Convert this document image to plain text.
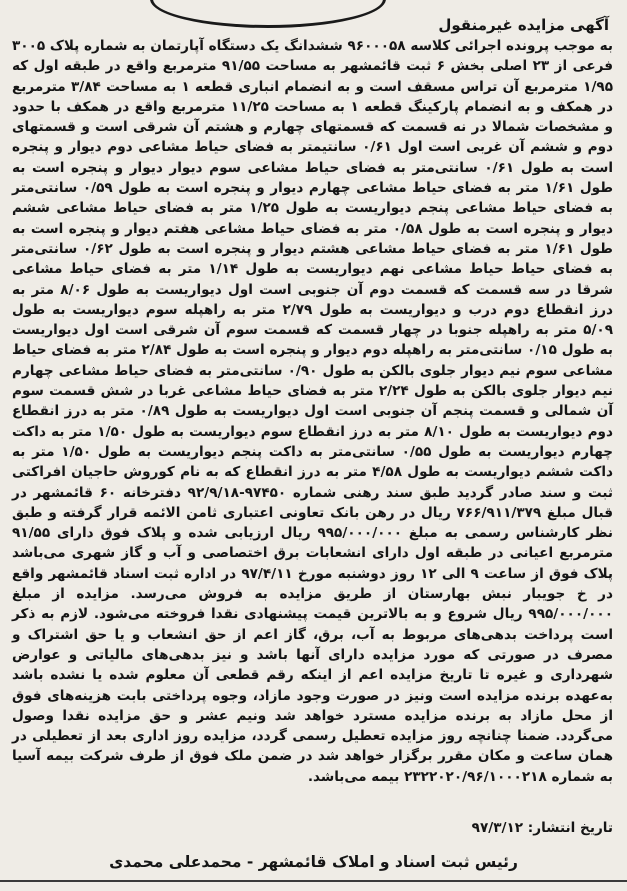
آگهی مزایده غیرمنقول

به موجب پرونده اجرائی کلاسه ۹۶۰۰۰۵۸ ششدانگ یک دستگاه آپارتمان به شماره پلاک ۳۰۰۵ فرعی از ۲۳ اصلی بخش ۶ ثبت قائمشهر به مساحت ۹۱/۵۵ مترمربع واقع در طبقه اول که ۱/۹۵ مترمربع آن تراس مسقف است و به انضمام انباری قطعه ۱ به مساحت ۳/۸۴ مترمربع در همکف و به انضمام پارکینگ قطعه ۱ به مساحت ۱۱/۲۵ مترمربع واقع در همکف با حدود و مشخصات شمالا در نه قسمت که قسمتهای چهارم و هشتم آن شرقی است و قسمتهای دوم و ششم آن غربی است اول ۰/۶۱ سانتیمتر به فضای حیاط مشاعی دوم دیوار و پنجره است به طول ۰/۶۱ سانتی‌متر به فضای حیاط مشاعی سوم دیوار دیوار و پنجره است به طول ۱/۶۱ متر به فضای حیاط مشاعی چهارم دیوار و پنجره است به طول ۰/۵۹ سانتی‌متر به فضای حیاط مشاعی پنجم دیواریست به طول ۱/۲۵ متر به فضای حیاط مشاعی ششم دیوار و پنجره است به طول ۰/۵۸ متر به فضای حیاط مشاعی هفتم دیوار و پنجره است به طول ۱/۶۱ متر به فضای حیاط مشاعی هشتم دیوار و پنجره است به طول ۰/۶۲ سانتی‌متر به فضای حیاط حیاط مشاعی نهم دیواریست به طول ۱/۱۴ متر به فضای حیاط مشاعی شرقا در سه قسمت که قسمت دوم آن جنوبی است اول دیواریست به طول ۸/۰۶ متر به درز انقطاع دوم درب و دیواریست به طول ۲/۷۹ متر به راهپله سوم دیواریست به طول ۵/۰۹ متر به راهپله جنوبا در چهار قسمت که قسمت سوم آن شرقی است اول دیواریست به طول ۰/۱۵ سانتی‌متر به راهپله دوم دیوار و پنجره است به طول ۲/۸۴ متر به فضای حیاط مشاعی سوم نیم دیوار جلوی بالکن به طول ۰/۹۰ سانتی‌متر به فضای حیاط مشاعی چهارم نیم دیوار جلوی بالکن به طول ۲/۲۴ متر به فضای حیاط مشاعی غربا در شش قسمت سوم آن شمالی و قسمت پنجم آن جنوبی است اول دیواریست به طول ۰/۸۹ متر به درز انقطاع دوم دیواریست به طول ۸/۱۰ متر به درز انقطاع سوم دیواریست به طول ۱/۵۰ متر به داکت چهارم دیواریست به طول ۰/۵۵ سانتی‌متر به داکت پنجم دیواریست به طول ۱/۵۰ متر به داکت ششم دیواریست به طول ۴/۵۸ متر به درز انقطاع که به نام کوروش حاجیان افراکتی ثبت و سند صادر گردید طبق سند رهنی شماره ۹۷۴۵۰-۹۲/۹/۱۸ دفترخانه ۶۰ قائمشهر در قبال مبلغ ۷۶۶/۹۱۱/۳۷۹ ریال در رهن بانک تعاونی اعتباری ثامن الائمه قرار گرفته و طبق نظر کارشناس رسمی به مبلغ ۹۹۵/۰۰۰/۰۰۰ ریال ارزیابی شده و پلاک فوق دارای ۹۱/۵۵ مترمربع اعیانی در طبقه اول دارای انشعابات برق اختصاصی و آب و گاز شهری می‌باشد پلاک فوق از ساعت ۹ الی ۱۲ روز دوشنبه مورخ ۹۷/۴/۱۱ در اداره ثبت اسناد قائمشهر واقع در خ جویبار نبش بهارستان از طریق مزایده به فروش می‌رسد. مزایده از مبلغ ۹۹۵/۰۰۰/۰۰۰ ریال شروع و به بالاترین قیمت پیشنهادی نقدا فروخته می‌شود. لازم به ذکر است پرداخت بدهی‌های مربوط به آب، برق، گاز اعم از حق انشعاب و یا حق اشتراک و مصرف در صورتی که مورد مزایده دارای آنها باشد و نیز بدهی‌های مالیاتی و عوارض شهرداری و غیره تا تاریخ مزایده اعم از اینکه رقم قطعی آن معلوم شده یا نشده باشد به‌عهده برنده مزایده است ونیز در صورت وجود مازاد، وجوه پرداختی بابت هزینه‌های فوق از محل مازاد به برنده مزایده مسترد خواهد شد ونیم عشر و حق مزایده نقدا وصول می‌گردد. ضمنا چنانچه روز مزایده تعطیل رسمی گردد، مزایده روز اداری بعد از تعطیلی در همان ساعت و مکان مقرر برگزار خواهد شد در ضمن ملک فوق از طرف شرکت بیمه آسیا به شماره ۲۳۲۲۰۲۰/۹۶/۱۰۰۰۲۱۸ بیمه می‌باشد.

تاریخ انتشار: ۹۷/۳/۱۲
رئیس ثبت اسناد و املاک قائمشهر - محمدعلی محمدی
